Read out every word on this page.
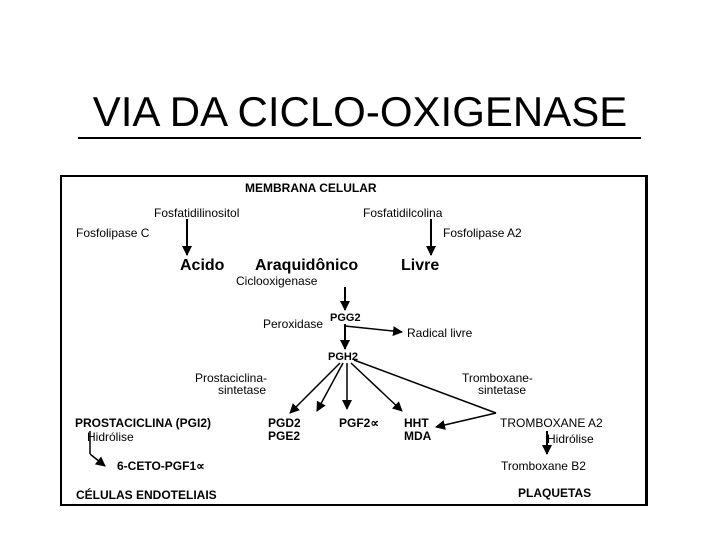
VIA DA CICLO-OXIGENASE
MEMBRANA CELULAR
Fosfatidilinositol	Fosfatidilcolina
Fosfolipase C	Fosfolipase A2
Acido Araquidônico	Livre
Ciclooxigenase
PGG2
Peroxidase
Radical livre
PGH2
Prostaciclina-
sintetase
Tromboxane-
sintetase
PROSTACICLINA (PGI2)	PGD2
PGE2
PGF2∝ HHT
MDA
TROMBOXANE A2
Hidrólise	Hidrólise
6-CETO-PGF1∝	Tromboxane B2
CÉLULAS ENDOTELIAIS	PLAQUETAS
